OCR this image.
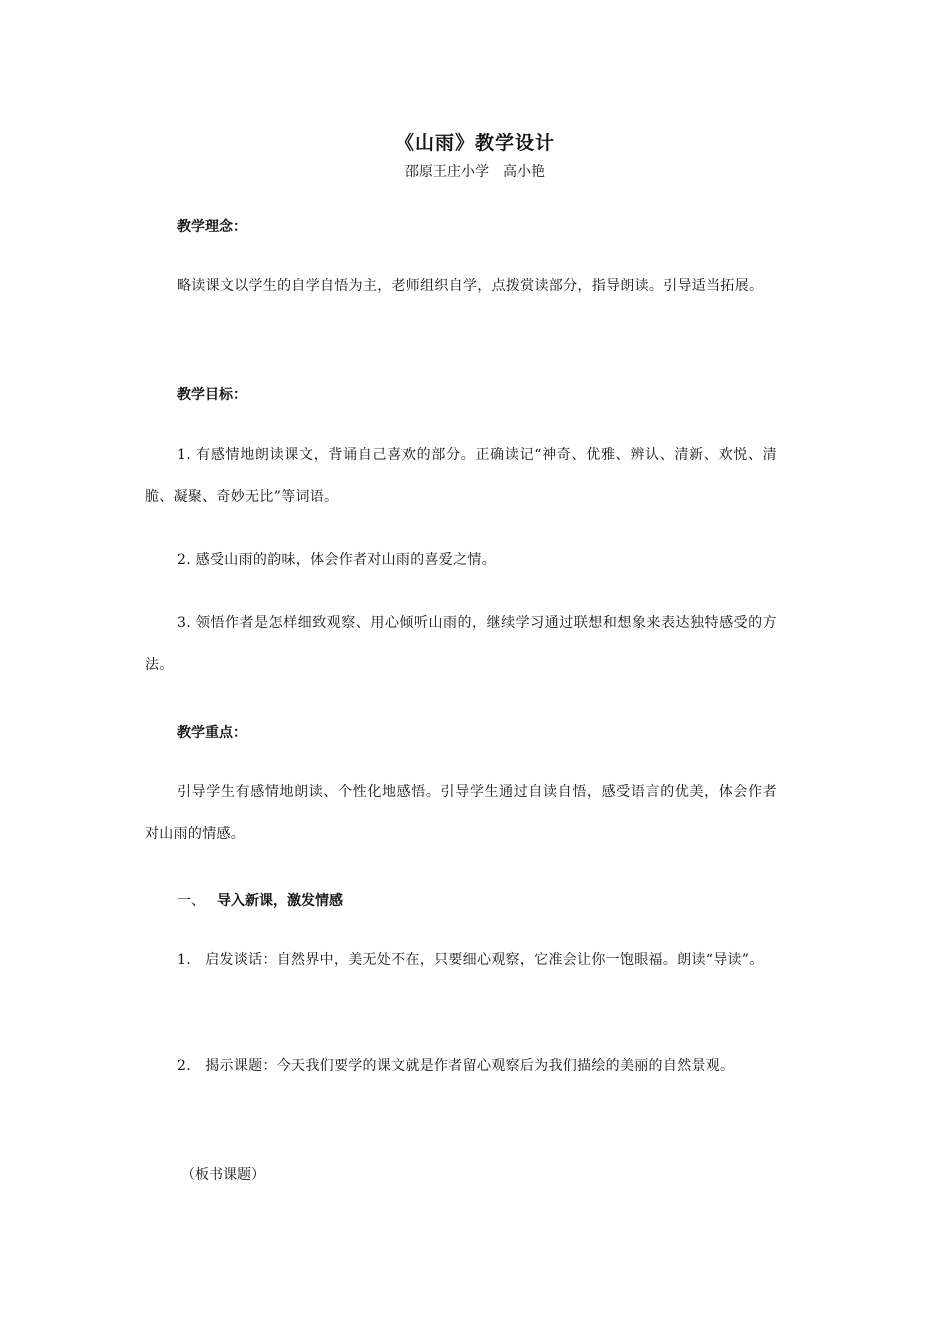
《山雨》教学设计
邵原王庄小学　高小艳
教学理念：
略读课文以学生的自学自悟为主，老师组织自学，点拨赏读部分，指导朗读。引导适当拓展。
教学目标：
1. 有感情地朗读课文，背诵自己喜欢的部分。正确读记“神奇、优雅、辨认、清新、欢悦、清脆、凝聚、奇妙无比”等词语。
2. 感受山雨的韵味，体会作者对山雨的喜爱之情。
3. 领悟作者是怎样细致观察、用心倾听山雨的，继续学习通过联想和想象来表达独特感受的方法。
教学重点：
引导学生有感情地朗读、个性化地感悟。引导学生通过自读自悟，感受语言的优美，体会作者对山雨的情感。
一、 导入新课，激发情感
1.　启发谈话：自然界中，美无处不在，只要细心观察，它准会让你一饱眼福。朗读“导读”。
2.　揭示课题：今天我们要学的课文就是作者留心观察后为我们描绘的美丽的自然景观。
（板书课题）
